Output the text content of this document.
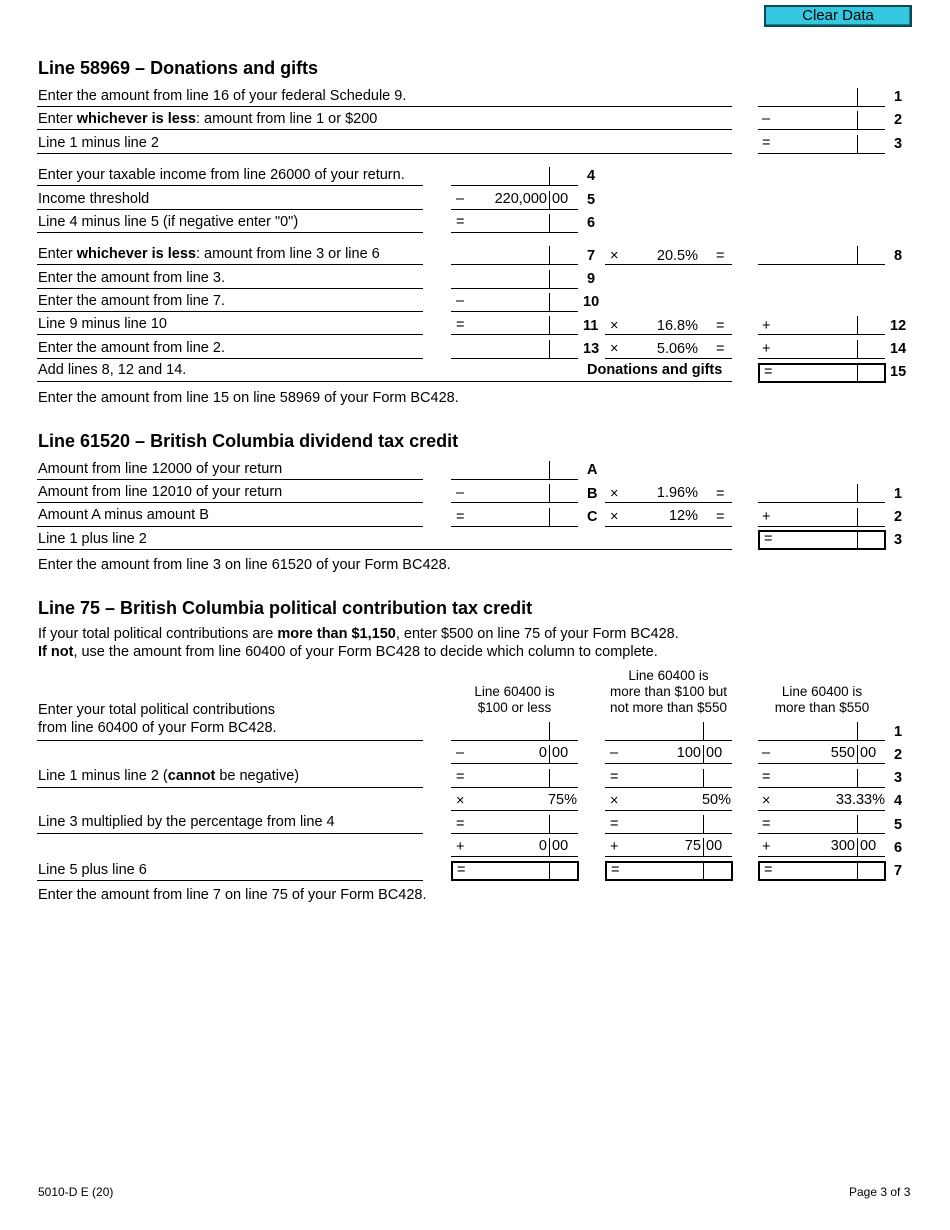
Clear Data
Line 58969 – Donations and gifts
Enter the amount from line 16 of your federal Schedule 9.	1
Enter whichever is less: amount from line 1 or $200	–	2
Line 1 minus line 2	=	3
Enter your taxable income from line 26000 of your return.	4
Income threshold	–	220,000 00 5
Line 4 minus line 5 (if negative enter "0")	=	6
Enter whichever is less: amount from line 3 or line 6	7 ×	20.5% =	8
Enter the amount from line 3.	9
Enter the amount from line 7.	–	10
Line 9 minus line 10	=	11 ×	16.8% =	+	12
Enter the amount from line 2.	13 ×	5.06% =	+	14
Add lines 8, 12 and 14.	Donations and gifts	=	15
Enter the amount from line 15 on line 58969 of your Form BC428.
Line 61520 – British Columbia dividend tax credit
Amount from line 12000 of your return	A
Amount from line 12010 of your return	–	B ×	1.96% =	1
Amount A minus amount B	=	C ×	12% =	+	2
Line 1 plus line 2	=	3
Enter the amount from line 3 on line 61520 of your Form BC428.
Line 75 – British Columbia political contribution tax credit
If your total political contributions are more than $1,150, enter $500 on line 75 of your Form BC428.
If not, use the amount from line 60400 of your Form BC428 to decide which column to complete.
Line 60400 is
$100 or less
Line 60400 is
more than $100 but
not more than $550
Line 60400 is
more than $550
Enter your total political contributions
from line 60400 of your Form BC428.	1
–	0 00	–	100 00	–	550 00 2
Line 1 minus line 2 (cannot be negative)	=	=	=	3
×	75% ×	50% ×	33.33% 4
Line 3 multiplied by the percentage from line 4	=	=	=	5
+	0 00	+	75 00	+	300 00 6
Line 5 plus line 6	=	=	=	7
Enter the amount from line 7 on line 75 of your Form BC428.
5010-D E (20)	Page 3 of 3
